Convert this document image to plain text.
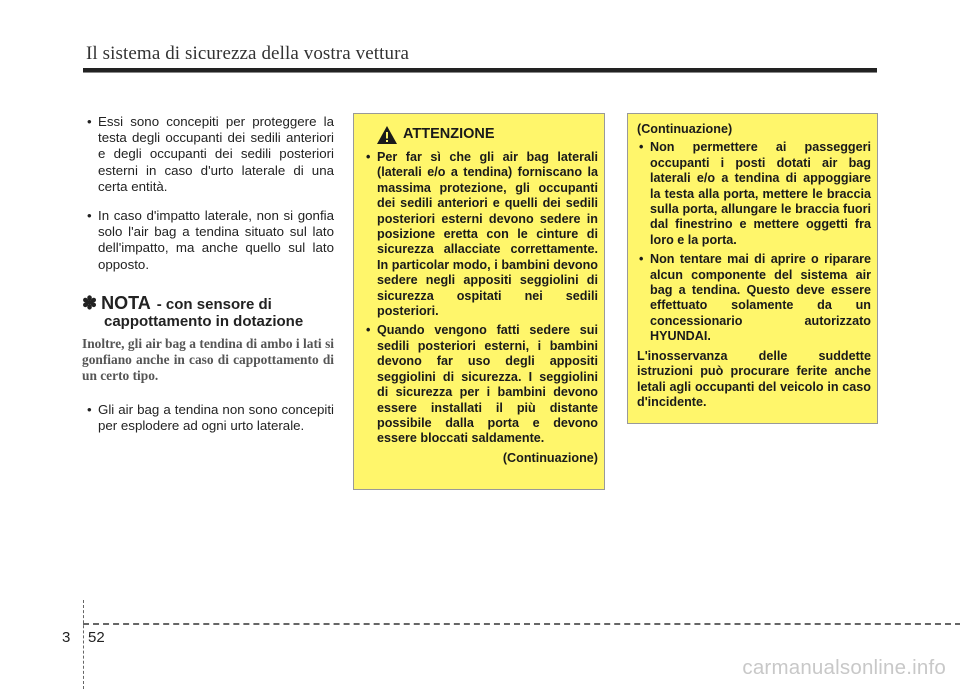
Il sistema di sicurezza della vostra vettura
• Essi sono concepiti per proteggere la testa degli occupanti dei sedili anteriori e degli occupanti dei sedili posteriori esterni in caso d'urto laterale di una certa entità.
• In caso d'impatto laterale, non si gonfia solo l'air bag a tendina situato sul lato dell'impatto, ma anche quello sul lato opposto.
✽ NOTA - con sensore di
cappottamento in dotazione
Inoltre, gli air bag a tendina di ambo i lati si gonfiano anche in caso di cappottamento di un certo tipo.
• Gli air bag a tendina non sono concepiti per esplodere ad ogni urto laterale.
ATTENZIONE
• Per far sì che gli air bag laterali (laterali e/o a tendina) forniscano la massima protezione, gli occupanti dei sedili anteriori e quelli dei sedili posteriori esterni devono sedere in posizione eretta con le cinture di sicurezza allacciate correttamente. In particolar modo, i bambini devono sedere negli appositi seggiolini di sicurezza ospitati nei sedili posteriori.
• Quando vengono fatti sedere sui sedili posteriori esterni, i bambini devono far uso degli appositi seggiolini di sicurezza. I seggiolini di sicurezza per i bambini devono essere installati il più distante possibile dalla porta e devono essere bloccati saldamente.
(Continuazione)
(Continuazione)
• Non permettere ai passeggeri occupanti i posti dotati air bag laterali e/o a tendina di appoggiare la testa alla porta, mettere le braccia sulla porta, allungare le braccia fuori dal finestrino e mettere oggetti fra loro e la porta.
• Non tentare mai di aprire o riparare alcun componente del sistema air bag a tendina. Questo deve essere effettuato solamente da un concessionario autorizzato HYUNDAI.
L'inosservanza delle suddette istruzioni può procurare ferite anche letali agli occupanti del veicolo in caso d'incidente.
3 52
carmanualsonline.info
